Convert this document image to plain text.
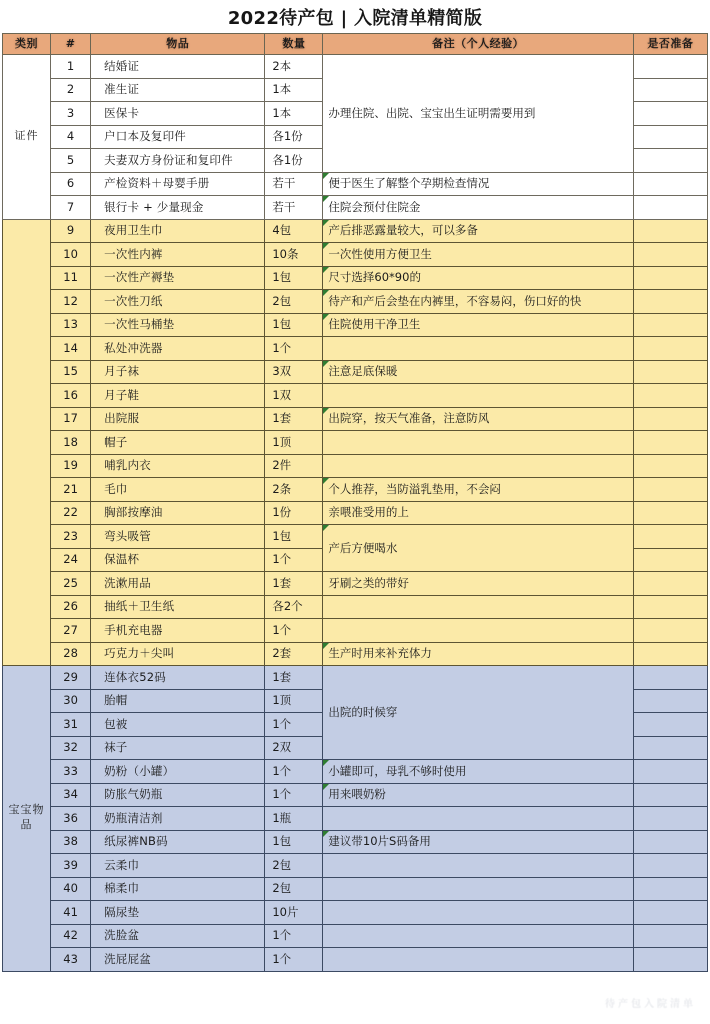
2022待产包 | 入院清单精简版
类别	#	物品	数量	备注（个人经验）	是否准备
证件	1	结婚证	2本	办理住院、出院、宝宝出生证明需要用到	
	2	准生证	1本		
	3	医保卡	1本		
	4	户口本及复印件	各1份		
	5	夫妻双方身份证和复印件	各1份		
	6	产检资料＋母婴手册	若干	便于医生了解整个孕期检查情况	
	7	银行卡 + 少量现金	若干	住院会预付住院金	
	9	夜用卫生巾	4包	产后排恶露量较大，可以多备	
	10	一次性内裤	10条	一次性使用方便卫生	
	11	一次性产褥垫	1包	尺寸选择60*90的	
	12	一次性刀纸	2包	待产和产后会垫在内裤里，不容易闷，伤口好的快	
	13	一次性马桶垫	1包	住院使用干净卫生	
	14	私处冲洗器	1个		
	15	月子袜	3双	注意足底保暖	
	16	月子鞋	1双		
	17	出院服	1套	出院穿，按天气准备，注意防风	
	18	帽子	1顶		
	19	哺乳内衣	2件		
	21	毛巾	2条	个人推荐，当防溢乳垫用，不会闷	
	22	胸部按摩油	1份	亲喂准受用的上	
	23	弯头吸管	1包	产后方便喝水	
	24	保温杯	1个		
	25	洗漱用品	1套	牙刷之类的带好	
	26	抽纸＋卫生纸	各2个		
	27	手机充电器	1个		
	28	巧克力＋尖叫	2套	生产时用来补充体力	
宝宝物品	29	连体衣52码	1套	出院的时候穿	
	30	胎帽	1顶		
	31	包被	1个		
	32	袜子	2双		
	33	奶粉（小罐）	1个	小罐即可，母乳不够时使用	
	34	防胀气奶瓶	1个	用来喂奶粉	
	36	奶瓶清洁剂	1瓶		
	38	纸尿裤NB码	1包	建议带10片S码备用	
	39	云柔巾	2包		
	40	棉柔巾	2包		
	41	隔尿垫	10片		
	42	洗脸盆	1个		
	43	洗屁屁盆	1个		
待产包入院清单
